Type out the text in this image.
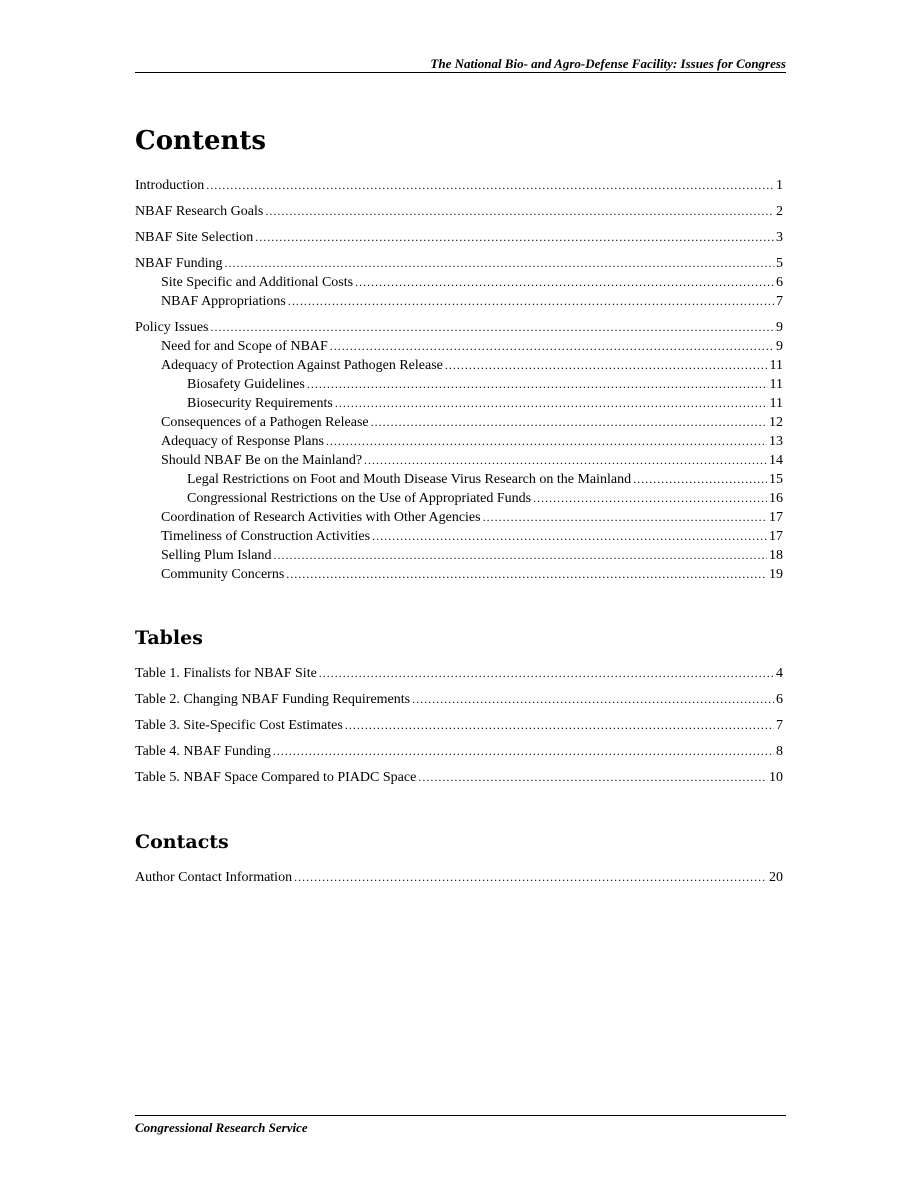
The National Bio- and Agro-Defense Facility: Issues for Congress
Contents
Introduction .....	1
NBAF Research Goals .....	2
NBAF Site Selection .....	3
NBAF Funding .....	5
Site Specific and Additional Costs .....	6
NBAF Appropriations .....	7
Policy Issues .....	9
Need for and Scope of NBAF .....	9
Adequacy of Protection Against Pathogen Release .....	11
Biosafety Guidelines .....	11
Biosecurity Requirements .....	11
Consequences of a Pathogen Release .....	12
Adequacy of Response Plans .....	13
Should NBAF Be on the Mainland? .....	14
Legal Restrictions on Foot and Mouth Disease Virus Research on the Mainland .....	15
Congressional Restrictions on the Use of Appropriated Funds .....	16
Coordination of Research Activities with Other Agencies .....	17
Timeliness of Construction Activities .....	17
Selling Plum Island .....	18
Community Concerns .....	19
Tables
Table 1. Finalists for NBAF Site .....	4
Table 2. Changing NBAF Funding Requirements .....	6
Table 3. Site-Specific Cost Estimates .....	7
Table 4. NBAF Funding .....	8
Table 5. NBAF Space Compared to PIADC Space .....	10
Contacts
Author Contact Information .....	20
Congressional Research Service
